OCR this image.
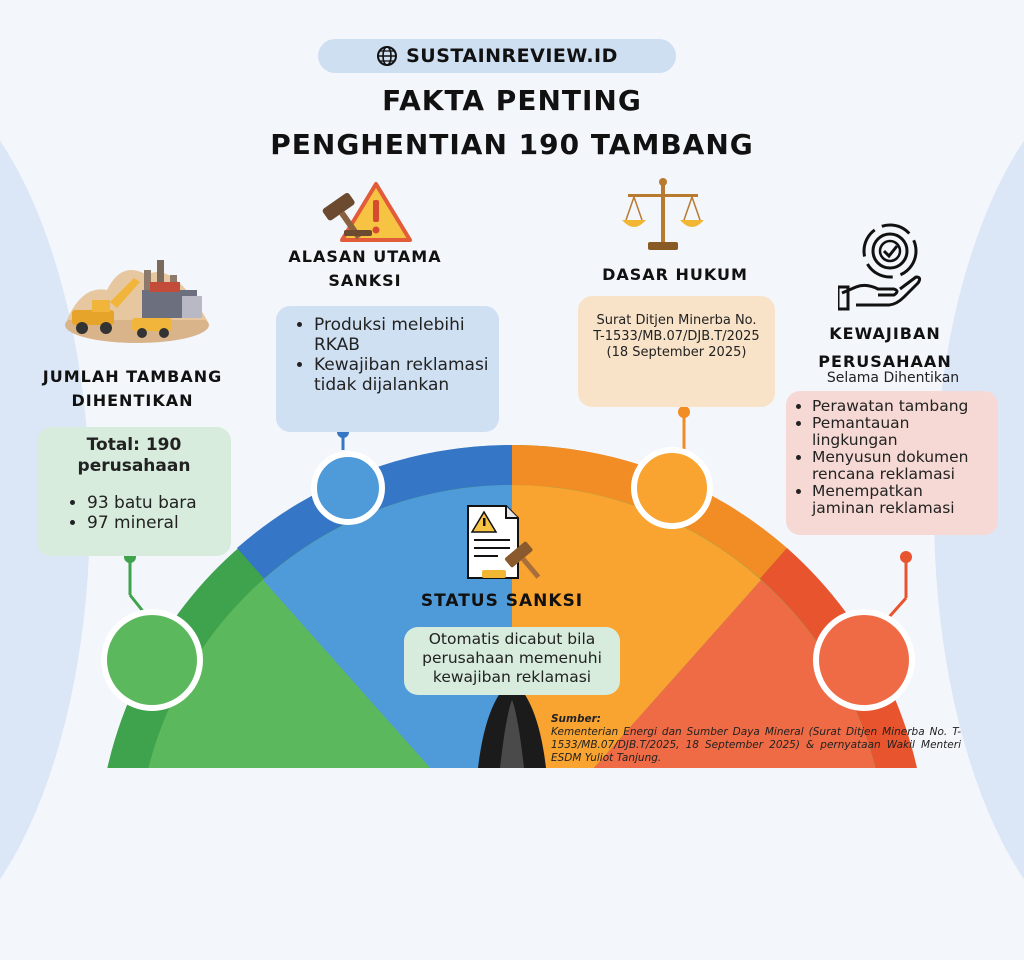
SUSTAINREVIEW.ID
FAKTA PENTING
PENGHENTIAN 190 TAMBANG
JUMLAH TAMBANG
DIHENTIKAN
Total: 190
perusahaan
• 93 batu bara
• 97 mineral
ALASAN UTAMA
SANKSI
• Produksi melebihi RKAB
• Kewajiban reklamasi tidak dijalankan
DASAR HUKUM
Surat Ditjen Minerba No. T-1533/MB.07/DJB.T/2025 (18 September 2025)
KEWAJIBAN
PERUSAHAAN
Selama Dihentikan
• Perawatan tambang
• Pemantauan lingkungan
• Menyusun dokumen rencana reklamasi
• Menempatkan jaminan reklamasi
STATUS SANKSI
Otomatis dicabut bila perusahaan memenuhi kewajiban reklamasi
Sumber:
Kementerian Energi dan Sumber Daya Mineral (Surat Ditjen Minerba No. T-1533/MB.07/DJB.T/2025, 18 September 2025) & pernyataan Wakil Menteri ESDM Yuliot Tanjung.
